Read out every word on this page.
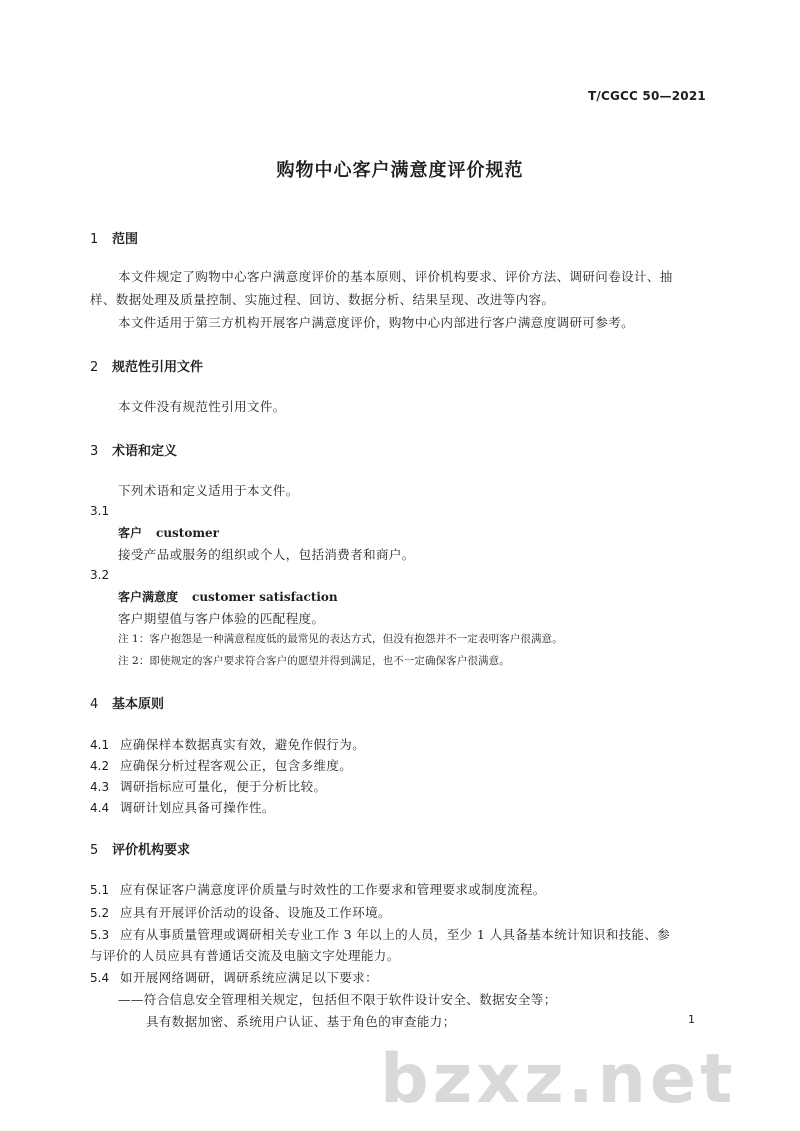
T/CGCC 50—2021
购物中心客户满意度评价规范
1 范围
本文件规定了购物中心客户满意度评价的基本原则、评价机构要求、评价方法、调研问卷设计、抽
样、数据处理及质量控制、实施过程、回访、数据分析、结果呈现、改进等内容。
本文件适用于第三方机构开展客户满意度评价，购物中心内部进行客户满意度调研可参考。
2 规范性引用文件
本文件没有规范性引用文件。
3 术语和定义
下列术语和定义适用于本文件。
3.1
客户 customer
接受产品或服务的组织或个人，包括消费者和商户。
3.2
客户满意度 customer satisfaction
客户期望值与客户体验的匹配程度。
注 1：客户抱怨是一种满意程度低的最常见的表达方式，但没有抱怨并不一定表明客户很满意。
注 2：即使规定的客户要求符合客户的愿望并得到满足，也不一定确保客户很满意。
4 基本原则
4.1 应确保样本数据真实有效，避免作假行为。
4.2 应确保分析过程客观公正，包含多维度。
4.3 调研指标应可量化，便于分析比较。
4.4 调研计划应具备可操作性。
5 评价机构要求
5.1 应有保证客户满意度评价质量与时效性的工作要求和管理要求或制度流程。
5.2 应具有开展评价活动的设备、设施及工作环境。
5.3 应有从事质量管理或调研相关专业工作 3 年以上的人员，至少 1 人具备基本统计知识和技能、参
与评价的人员应具有普通话交流及电脑文字处理能力。
5.4 如开展网络调研，调研系统应满足以下要求：
——符合信息安全管理相关规定，包括但不限于软件设计安全、数据安全等；
具有数据加密、系统用户认证、基于角色的审查能力；	1
bzxz.net
